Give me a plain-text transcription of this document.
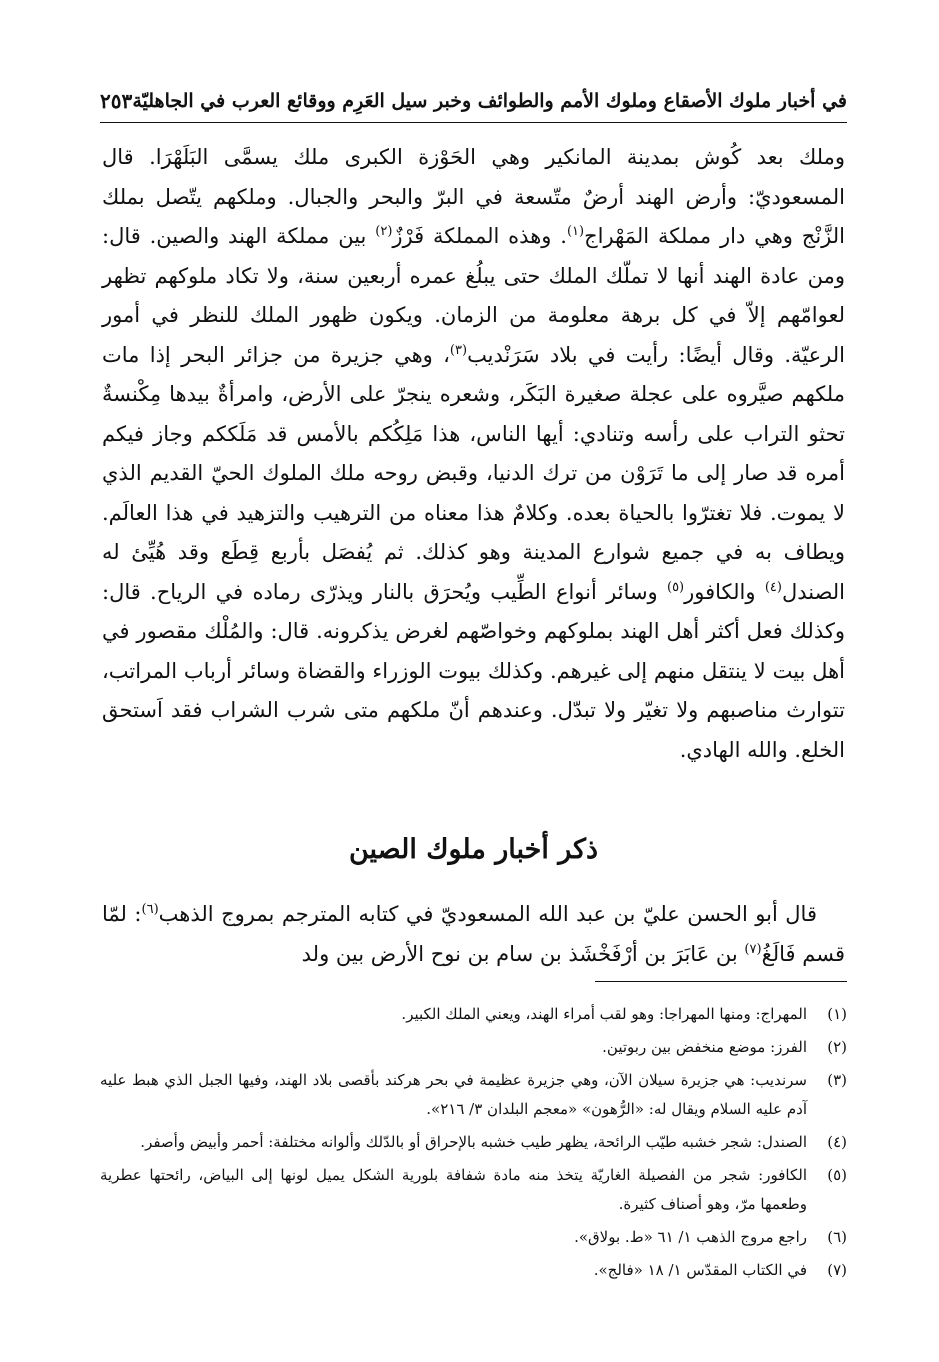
في أخبار ملوك الأصقاع وملوك الأمم والطوائف وخبر سيل العَرِم ووقائع العرب في الجاهليّة
٢٥٣

وملك بعد كُوش بمدينة المانكير وهي الحَوْزة الكبرى ملك يسمَّى البَلَهْرَا. قال المسعوديّ: وأرض الهند أرضٌ متّسعة في البرّ والبحر والجبال. وملكهم يتّصل بملك الزَّنْج وهي دار مملكة المَهْراج$^{(١)}$. وهذه المملكة فَرْزٌ$^{(٢)}$ بين مملكة الهند والصين. قال: ومن عادة الهند أنها لا تملّك الملك حتى يبلُغ عمره أربعين سنة، ولا تكاد ملوكهم تظهر لعوامّهم إلاّ في كل برهة معلومة من الزمان. ويكون ظهور الملك للنظر في أمور الرعيّة. وقال أيضًا: رأيت في بلاد سَرَنْديب$^{(٣)}$، وهي جزيرة من جزائر البحر إذا مات ملكهم صيَّروه على عجلة صغيرة البَكَر، وشعره ينجرّ على الأرض، وامرأةٌ بيدها مِكْنسةٌ تحثو التراب على رأسه وتنادي: أيها الناس، هذا مَلِكُكم بالأمس قد مَلَككم وجاز فيكم أمره قد صار إلى ما تَرَوْن من ترك الدنيا، وقبض روحه ملك الملوك الحيّ القديم الذي لا يموت. فلا تغترّوا بالحياة بعده. وكلامٌ هذا معناه من الترهيب والتزهيد في هذا العالَم. ويطاف به في جميع شوارع المدينة وهو كذلك. ثم يُفصَل بأربع قِطَع وقد هُيِّئ له الصندل$^{(٤)}$ والكافور$^{(٥)}$ وسائر أنواع الطِّيب ويُحرَق بالنار ويذرّى رماده في الرياح. قال: وكذلك فعل أكثر أهل الهند بملوكهم وخواصّهم لغرض يذكرونه. قال: والمُلْك مقصور في أهل بيت لا ينتقل منهم إلى غيرهم. وكذلك بيوت الوزراء والقضاة وسائر أرباب المراتب، تتوارث مناصبهم ولا تغيّر ولا تبدّل. وعندهم أنّ ملكهم متى شرب الشراب فقد اَستحق الخلع. والله الهادي.

ذكر أخبار ملوك الصين

قال أبو الحسن عليّ بن عبد الله المسعوديّ في كتابه المترجم بمروج الذهب$^{(٦)}$: لمّا قسم فَالَغُ$^{(٧)}$ بن عَابَرَ بن أرْفَخْشَذ بن سام بن نوح الأرض بين ولد

(١)
المهراج: ومنها المهراجا: وهو لقب أمراء الهند، ويعني الملك الكبير.
(٢)
الفرز: موضع منخفض بين ربوتين.
(٣)
سرنديب: هي جزيرة سيلان الآن، وهي جزيرة عظيمة في بحر هركند بأقصى بلاد الهند، وفيها الجبل الذي هبط عليه آدم عليه السلام ويقال له: «الرُّهون» «معجم البلدان ٣/ ٢١٦».
(٤)
الصندل: شجر خشبه طيّب الرائحة، يظهر طيب خشبه بالإحراق أو بالدّلك وألوانه مختلفة: أحمر وأبيض وأصفر.
(٥)
الكافور: شجر من الفصيلة الغاريّة يتخذ منه مادة شفافة بلورية الشكل يميل لونها إلى البياض، رائحتها عطرية وطعمها مرّ، وهو أصناف كثيرة.
(٦)
راجع مروج الذهب ١/ ٦١ «ط. بولاق».
(٧)
في الكتاب المقدّس ١/ ١٨ «فالج».
